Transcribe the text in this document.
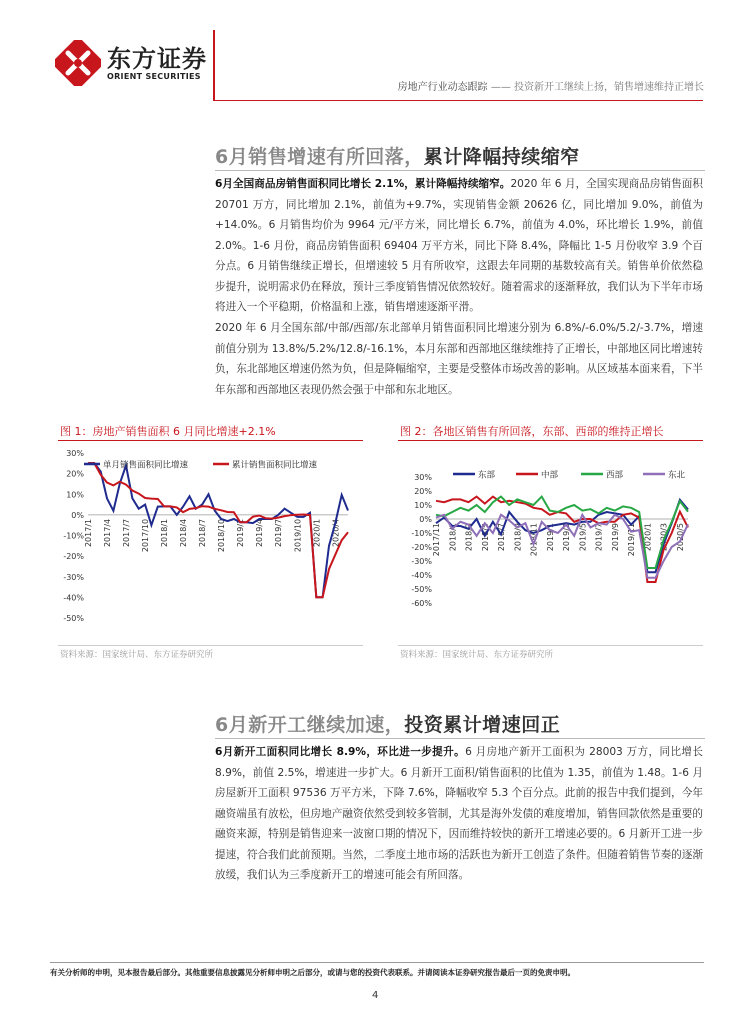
东方证券
ORIENT SECURITIES
房地产行业动态跟踪 —— 投资新开工继续上扬，销售增速维持正增长
6月销售增速有所回落，累计降幅持续缩窄
6月全国商品房销售面积同比增长 2.1%，累计降幅持续缩窄。2020 年 6 月，全国实现商品房销售面积 20701 万方，同比增加 2.1%，前值为+9.7%，实现销售金额 20626 亿，同比增加 9.0%，前值为+14.0%。6 月销售均价为 9964 元/平方米，同比增长 6.7%，前值为 4.0%，环比增长 1.9%，前值 2.0%。1-6 月份，商品房销售面积 69404 万平方米，同比下降 8.4%，降幅比 1-5 月份收窄 3.9 个百分点。6 月销售继续正增长，但增速较 5 月有所收窄，这跟去年同期的基数较高有关。销售单价依然稳步提升，说明需求仍在释放，预计三季度销售情况依然较好。随着需求的逐渐释放，我们认为下半年市场将进入一个平稳期，价格温和上涨，销售增速逐渐平滑。
2020 年 6 月全国东部/中部/西部/东北部单月销售面积同比增速分别为 6.8%/-6.0%/5.2/-3.7%，增速前值分别为 13.8%/5.2%/12.8/-16.1%，本月东部和西部地区继续维持了正增长，中部地区同比增速转负，东北部地区增速仍然为负，但是降幅缩窄，主要是受整体市场改善的影响。从区域基本面来看，下半年东部和西部地区表现仍然会强于中部和东北地区。
图 1：房地产销售面积 6 月同比增速+2.1%
30%
20%
10%
0%
-10%
-20%
-30%
-40%
-50%
2017/1 2017/4 2017/7 2017/10 2018/1 2018/4 2018/7 2018/10 2019/1 2019/4 2019/7 2019/10 2020/1 2020/4
单月销售面积同比增速	累计销售面积同比增速
资料来源：国家统计局、东方证券研究所
图 2：各地区销售有所回落，东部、西部的维持正增长
30%
20%
10%
0%
-10%
-20%
-30%
-40%
-50%
-60%
2017/11 2018/1 2018/3 2018/5 2018/7 2018/9 2018/11 2019/1 2019/3 2019/5 2019/7 2019/9 2019/11 2020/1 2020/3 2020/5
东部	中部	西部	东北
资料来源：国家统计局、东方证券研究所
6月新开工继续加速，投资累计增速回正
6月新开工面积同比增长 8.9%，环比进一步提升。6 月房地产新开工面积为 28003 万方，同比增长 8.9%，前值 2.5%，增速进一步扩大。6 月新开工面积/销售面积的比值为 1.35，前值为 1.48。1-6 月房屋新开工面积 97536 万平方米，下降 7.6%，降幅收窄 5.3 个百分点。此前的报告中我们提到，今年融资端虽有放松，但房地产融资依然受到较多管制，尤其是海外发债的难度增加，销售回款依然是重要的融资来源，特别是销售迎来一波窗口期的情况下，因而维持较快的新开工增速必要的。6 月新开工进一步提速，符合我们此前预期。当然，二季度土地市场的活跃也为新开工创造了条件。但随着销售节奏的逐渐放缓，我们认为三季度新开工的增速可能会有所回落。
有关分析师的申明，见本报告最后部分。其他重要信息披露见分析师申明之后部分，或请与您的投资代表联系。并请阅读本证券研究报告最后一页的免责申明。
4
